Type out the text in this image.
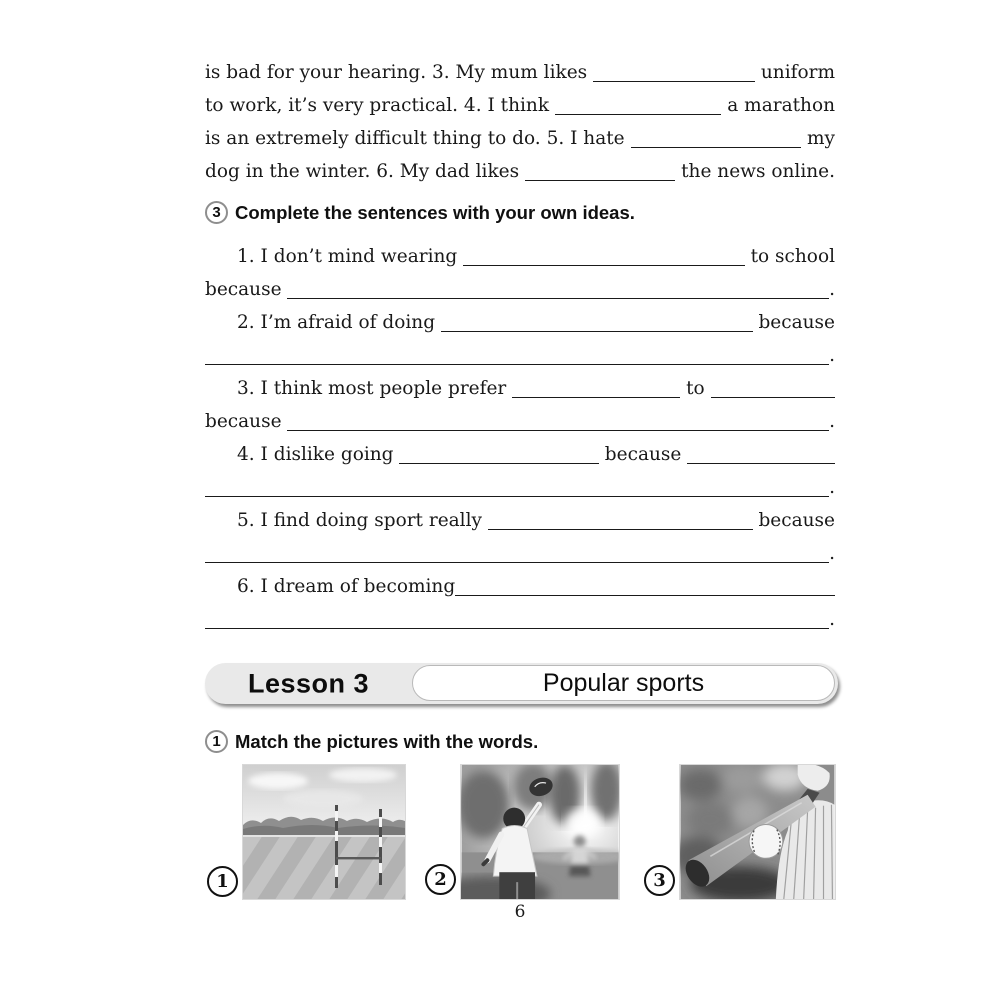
is bad for your hearing. 3. My mum likes	uniform
to work, it’s very practical. 4. I think	a marathon
is an extremely difficult thing to do. 5. I hate	my
dog in the winter. 6. My dad likes	the news online.
3 Complete the sentences with your own ideas.
1. I don’t mind wearing	to school
because	.
2. I’m afraid of doing	because
.
3. I think most people prefer	to
because	.
4. I dislike going	because
.
5. I find doing sport really	because
.
6. I dream of becoming
.
Lesson 3	Popular sports
1 Match the pictures with the words.
1	2	3
6
